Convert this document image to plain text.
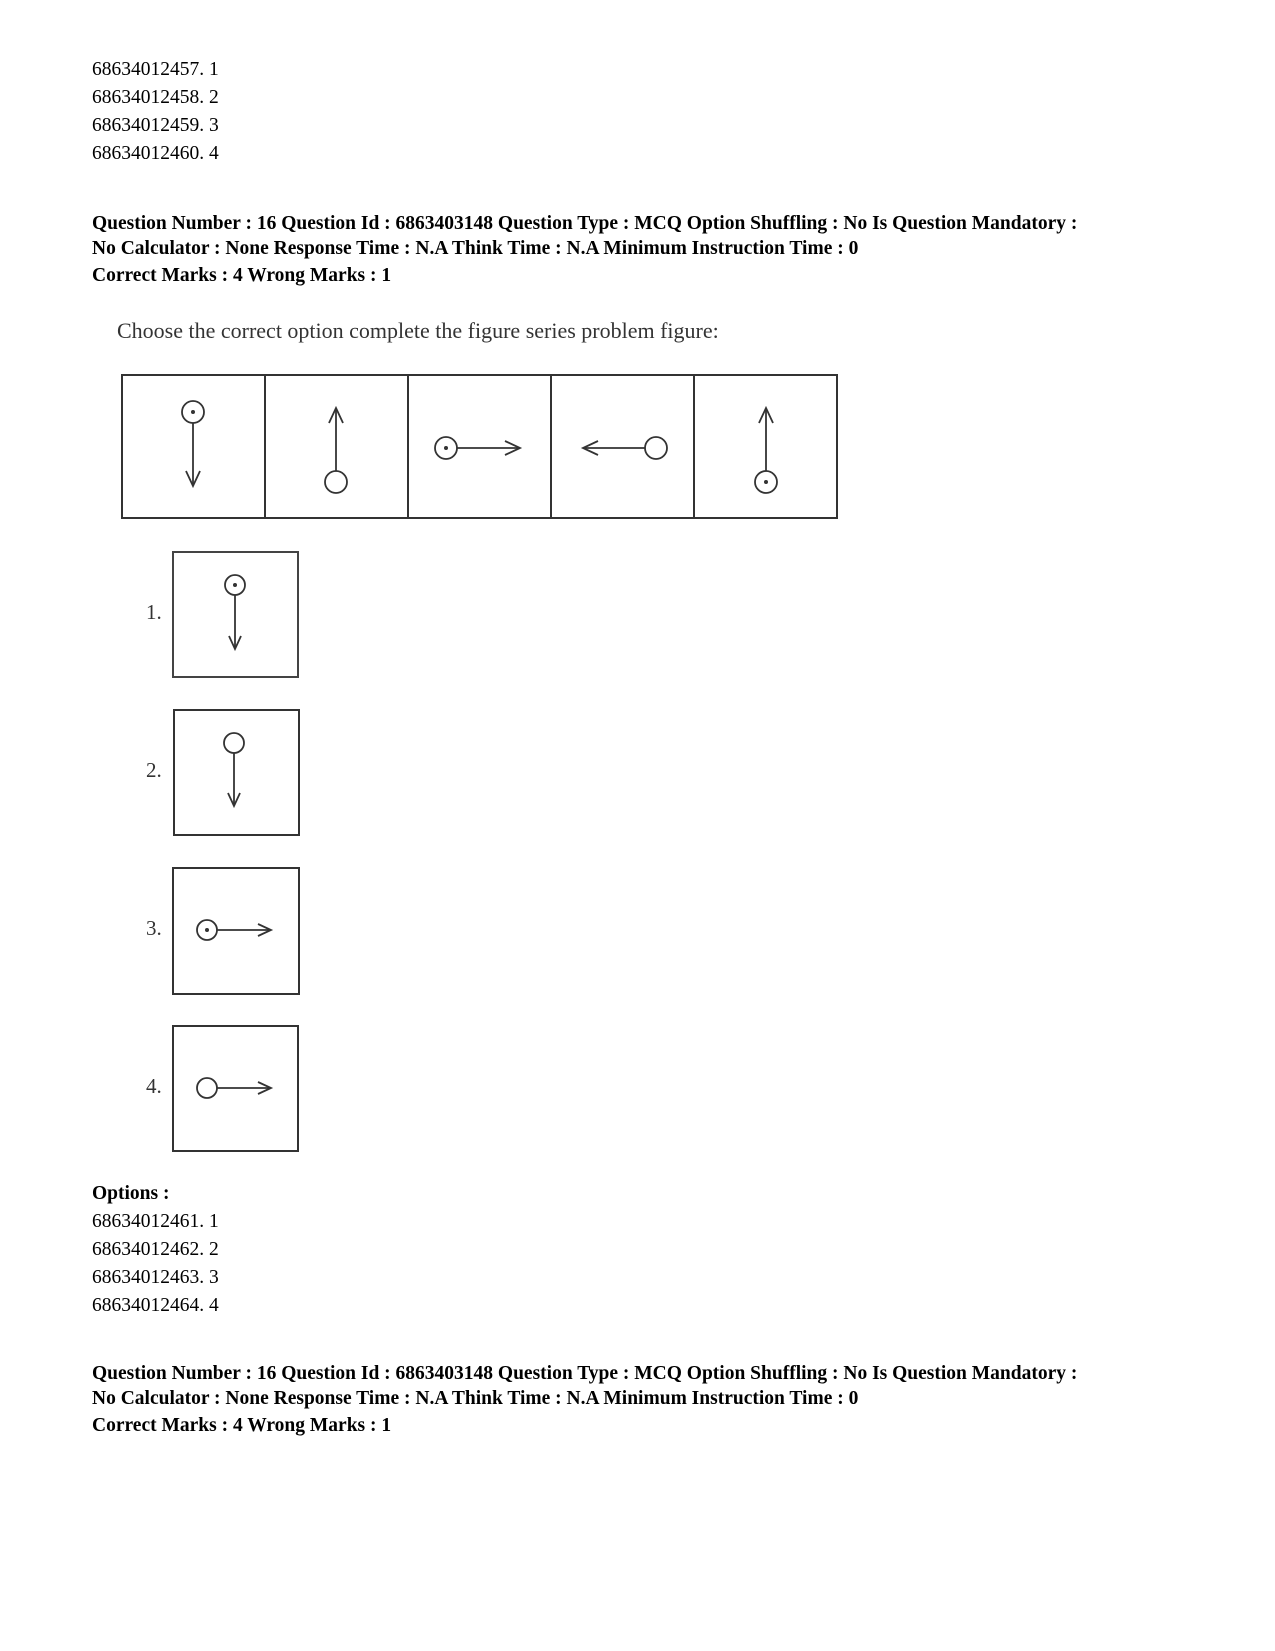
68634012457. 1
68634012458. 2
68634012459. 3
68634012460. 4
Question Number : 16 Question Id : 6863403148 Question Type : MCQ Option Shuffling : No Is Question Mandatory :
No Calculator : None Response Time : N.A Think Time : N.A Minimum Instruction Time : 0
Correct Marks : 4 Wrong Marks : 1
Choose the correct option complete the figure series problem figure:
1.
2.
3.
4.
Options :
68634012461. 1
68634012462. 2
68634012463. 3
68634012464. 4
Question Number : 16 Question Id : 6863403148 Question Type : MCQ Option Shuffling : No Is Question Mandatory :
No Calculator : None Response Time : N.A Think Time : N.A Minimum Instruction Time : 0
Correct Marks : 4 Wrong Marks : 1
